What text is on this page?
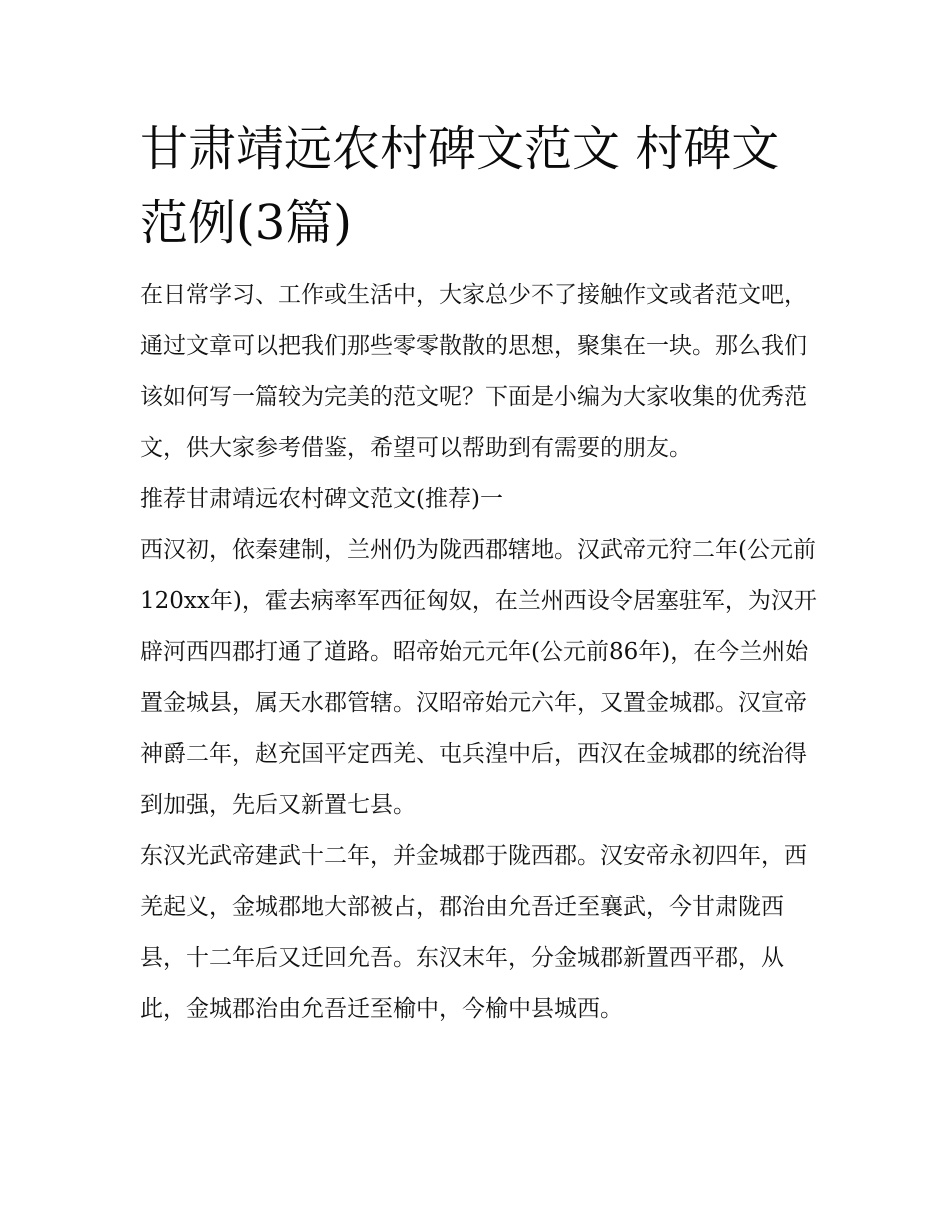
甘肃靖远农村碑文范文 村碑文范例(3篇)

在日常学习、工作或生活中，大家总少不了接触作文或者范文吧，通过文章可以把我们那些零零散散的思想，聚集在一块。那么我们该如何写一篇较为完美的范文呢？下面是小编为大家收集的优秀范文，供大家参考借鉴，希望可以帮助到有需要的朋友。

推荐甘肃靖远农村碑文范文(推荐)一

西汉初，依秦建制，兰州仍为陇西郡辖地。汉武帝元狩二年(公元前120xx年)，霍去病率军西征匈奴，在兰州西设令居塞驻军，为汉开辟河西四郡打通了道路。昭帝始元元年(公元前86年)，在今兰州始置金城县，属天水郡管辖。汉昭帝始元六年，又置金城郡。汉宣帝神爵二年，赵充国平定西羌、屯兵湟中后，西汉在金城郡的统治得到加强，先后又新置七县。

东汉光武帝建武十二年，并金城郡于陇西郡。汉安帝永初四年，西羌起义，金城郡地大部被占，郡治由允吾迁至襄武，今甘肃陇西县，十二年后又迁回允吾。东汉末年，分金城郡新置西平郡，从此，金城郡治由允吾迁至榆中，今榆中县城西。
